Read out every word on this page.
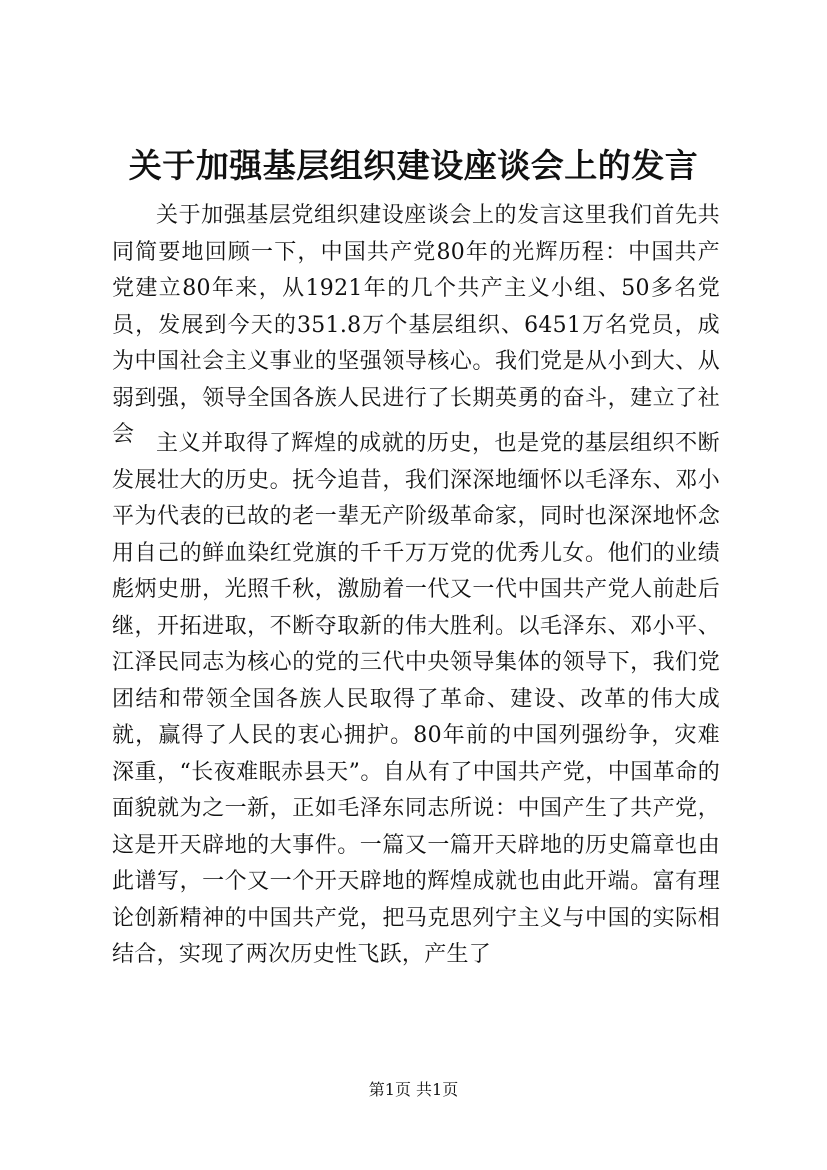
关于加强基层组织建设座谈会上的发言

关于加强基层党组织建设座谈会上的发言这里我们首先共同简要地回顾一下，中国共产党80年的光辉历程：中国共产党建立80年来，从1921年的几个共产主义小组、50多名党员，发展到今天的351.8万个基层组织、6451万名党员，成为中国社会主义事业的坚强领导核心。我们党是从小到大、从弱到强，领导全国各族人民进行了长期英勇的奋斗，建立了社会 主义并取得了辉煌的成就的历史，也是党的基层组织不断发展壮大的历史。抚今追昔，我们深深地缅怀以毛泽东、邓小平为代表的已故的老一辈无产阶级革命家，同时也深深地怀念用自己的鲜血染红党旗的千千万万党的优秀儿女。他们的业绩彪炳史册，光照千秋，激励着一代又一代中国共产党人前赴后继，开拓进取，不断夺取新的伟大胜利。以毛泽东、邓小平、江泽民同志为核心的党的三代中央领导集体的领导下，我们党团结和带领全国各族人民取得了革命、建设、改革的伟大成就，赢得了人民的衷心拥护。80年前的中国列强纷争，灾难深重，“长夜难眠赤县天”。自从有了中国共产党，中国革命的面貌就为之一新，正如毛泽东同志所说：中国产生了共产党，这是开天辟地的大事件。一篇又一篇开天辟地的历史篇章也由此谱写，一个又一个开天辟地的辉煌成就也由此开端。富有理论创新精神的中国共产党，把马克思列宁主义与中国的实际相结合，实现了两次历史性飞跃，产生了

第1页 共1页
